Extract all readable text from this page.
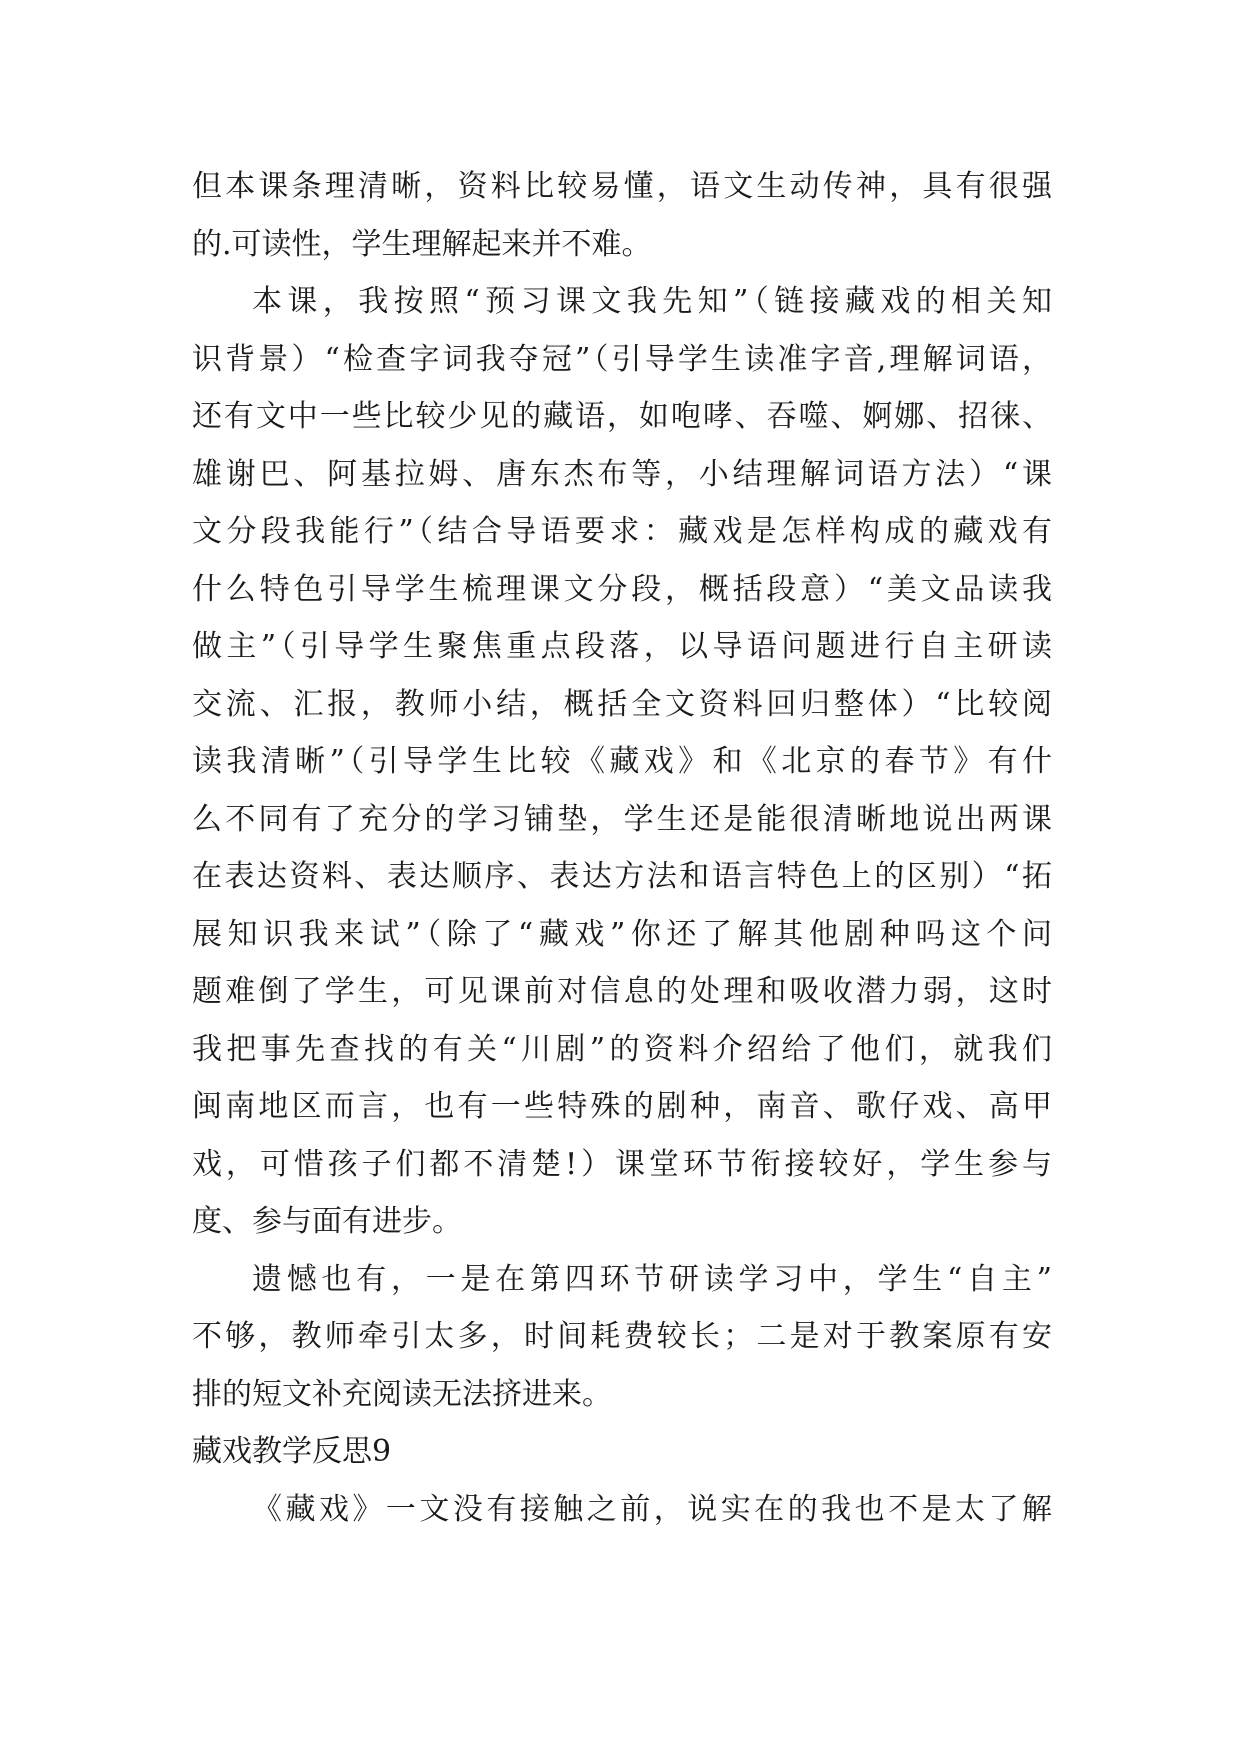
但本课条理清晰，资料比较易懂，语文生动传神，具有很强
的.可读性，学生理解起来并不难。
本课，我按照“预习课文我先知”（链接藏戏的相关知
识背景）“检查字词我夺冠”（引导学生读准字音,理解词语，
还有文中一些比较少见的藏语，如咆哮、吞噬、婀娜、招徕、
雄谢巴、阿基拉姆、唐东杰布等，小结理解词语方法）“课
文分段我能行”（结合导语要求：藏戏是怎样构成的藏戏有
什么特色引导学生梳理课文分段，概括段意）“美文品读我
做主”（引导学生聚焦重点段落，以导语问题进行自主研读
交流、汇报，教师小结，概括全文资料回归整体）“比较阅
读我清晰”（引导学生比较《藏戏》和《北京的春节》有什
么不同有了充分的学习铺垫，学生还是能很清晰地说出两课
在表达资料、表达顺序、表达方法和语言特色上的区别）“拓
展知识我来试”（除了“藏戏”你还了解其他剧种吗这个问
题难倒了学生，可见课前对信息的处理和吸收潜力弱，这时
我把事先查找的有关“川剧”的资料介绍给了他们，就我们
闽南地区而言，也有一些特殊的剧种，南音、歌仔戏、高甲
戏，可惜孩子们都不清楚!）课堂环节衔接较好，学生参与
度、参与面有进步。
遗憾也有，一是在第四环节研读学习中，学生“自主”
不够，教师牵引太多，时间耗费较长；二是对于教案原有安
排的短文补充阅读无法挤进来。
藏戏教学反思9
《藏戏》一文没有接触之前，说实在的我也不是太了解
